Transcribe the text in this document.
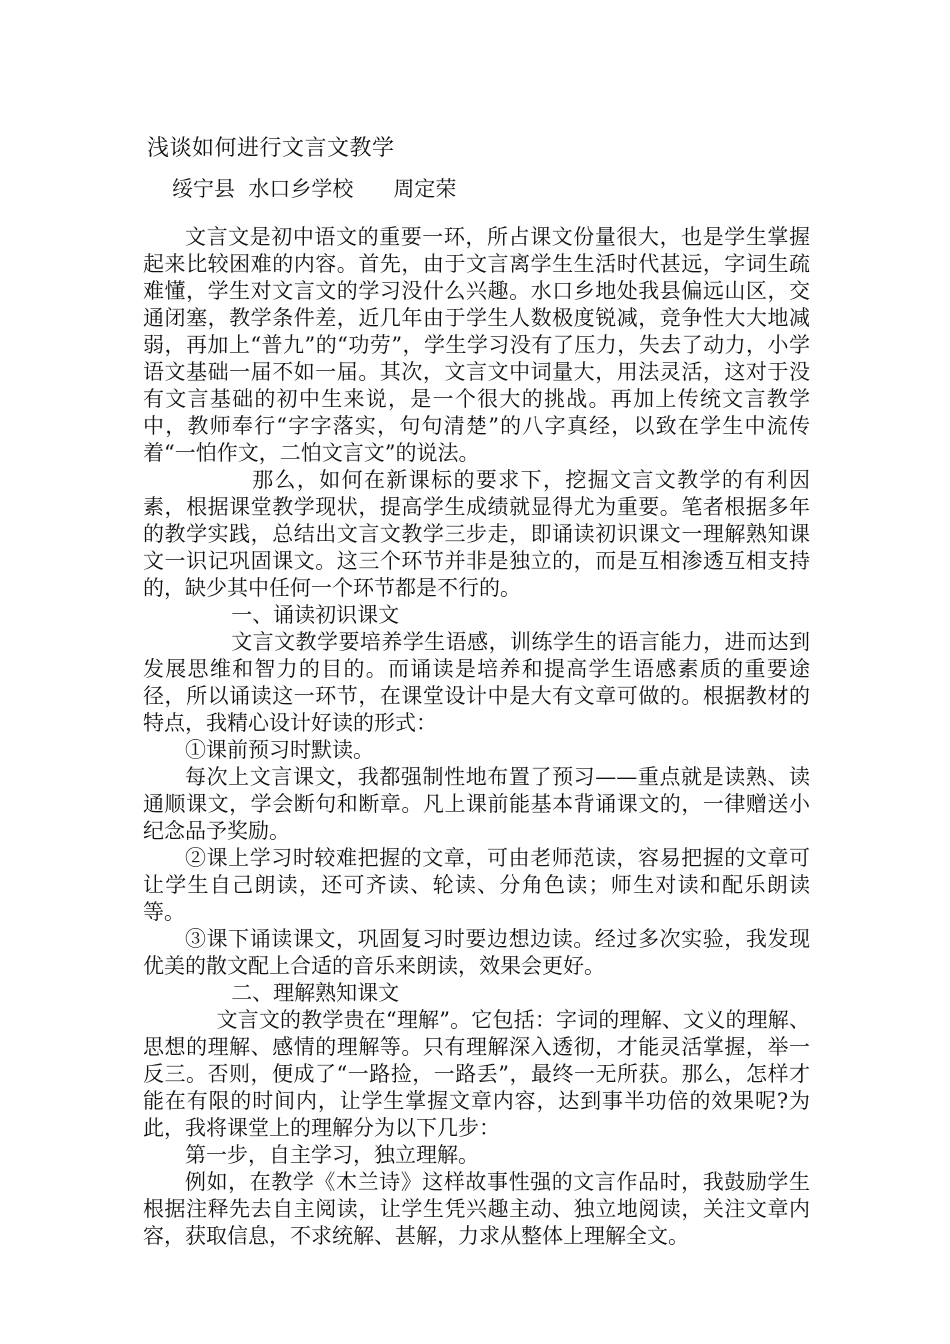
浅谈如何进行文言文教学
绥宁县  水口乡学校      周定荣

文言文是初中语文的重要一环，所占课文份量很大，也是学生掌握起来比较困难的内容。首先，由于文言离学生生活时代甚远，字词生疏难懂，学生对文言文的学习没什么兴趣。水口乡地处我县偏远山区，交通闭塞，教学条件差，近几年由于学生人数极度锐减，竞争性大大地减弱，再加上“普九”的“功劳”，学生学习没有了压力，失去了动力，小学语文基础一届不如一届。其次，文言文中词量大，用法灵活，这对于没有文言基础的初中生来说，是一个很大的挑战。再加上传统文言教学中，教师奉行“字字落实，句句清楚”的八字真经，以致在学生中流传着“一怕作文，二怕文言文”的说法。

那么，如何在新课标的要求下，挖掘文言文教学的有利因素，根据课堂教学现状，提高学生成绩就显得尤为重要。笔者根据多年的教学实践，总结出文言文教学三步走，即诵读初识课文一理解熟知课文一识记巩固课文。这三个环节并非是独立的，而是互相渗透互相支持的，缺少其中任何一个环节都是不行的。

一、诵读初识课文

文言文教学要培养学生语感，训练学生的语言能力，进而达到发展思维和智力的目的。而诵读是培养和提高学生语感素质的重要途径，所以诵读这一环节，在课堂设计中是大有文章可做的。根据教材的特点，我精心设计好读的形式：

①课前预习时默读。

每次上文言课文，我都强制性地布置了预习——重点就是读熟、读通顺课文，学会断句和断章。凡上课前能基本背诵课文的，一律赠送小纪念品予奖励。

②课上学习时较难把握的文章，可由老师范读，容易把握的文章可让学生自己朗读，还可齐读、轮读、分角色读；师生对读和配乐朗读等。

③课下诵读课文，巩固复习时要边想边读。经过多次实验，我发现优美的散文配上合适的音乐来朗读，效果会更好。

二、理解熟知课文

文言文的教学贵在“理解”。它包括：字词的理解、文义的理解、思想的理解、感情的理解等。只有理解深入透彻，才能灵活掌握，举一反三。否则，便成了“一路捡，一路丢”，最终一无所获。那么，怎样才能在有限的时间内，让学生掌握文章内容，达到事半功倍的效果呢?为此，我将课堂上的理解分为以下几步：

第一步，自主学习，独立理解。

例如，在教学《木兰诗》这样故事性强的文言作品时，我鼓励学生根据注释先去自主阅读，让学生凭兴趣主动、独立地阅读，关注文章内容，获取信息，不求统解、甚解，力求从整体上理解全文。
